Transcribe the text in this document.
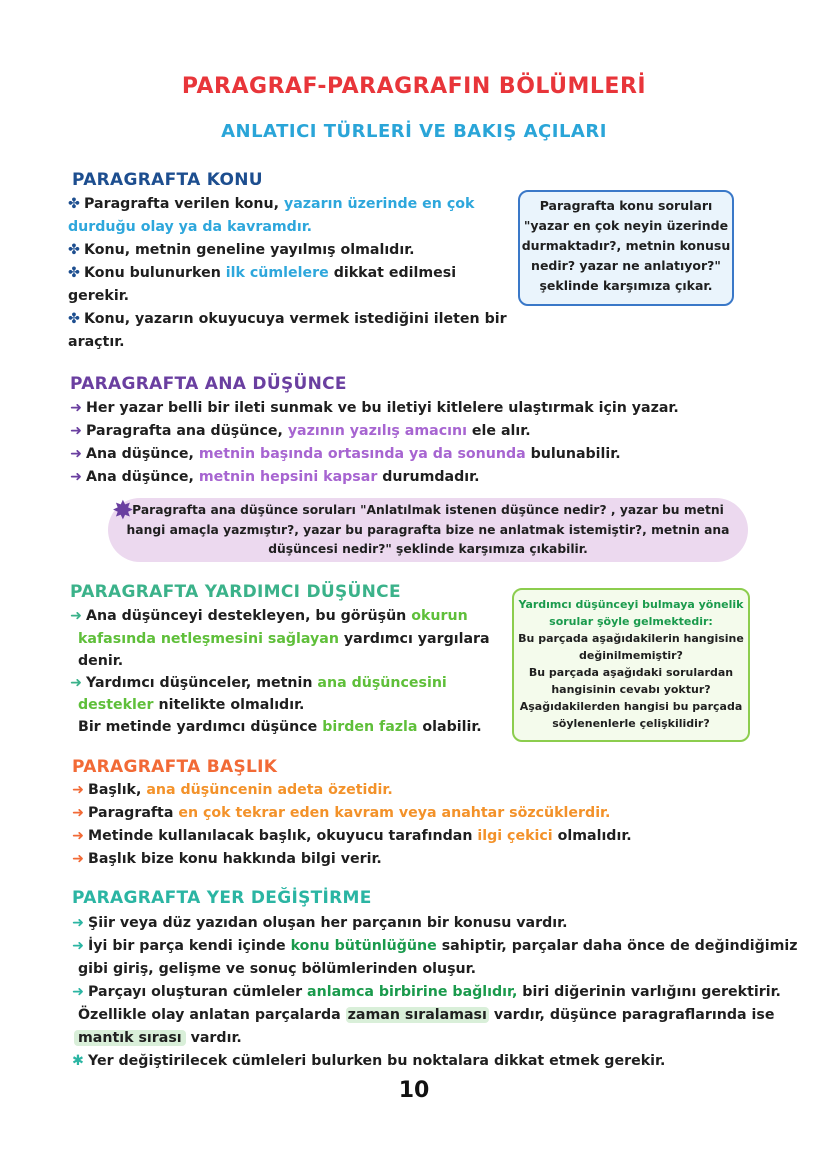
PARAGRAF-PARAGRAFIN BÖLÜMLERİ
ANLATICI TÜRLERİ VE BAKIŞ AÇILARI
PARAGRAFTA KONU
✤ Paragrafta verilen konu, yazarın üzerinde en çok
durduğu olay ya da kavramdır.
✤ Konu, metnin geneline yayılmış olmalıdır.
✤ Konu bulunurken ilk cümlelere dikkat edilmesi
gerekir.
✤ Konu, yazarın okuyucuya vermek istediğini ileten bir
araçtır.
Paragrafta konu soruları
"yazar en çok neyin üzerinde
durmaktadır?, metnin konusu
nedir? yazar ne anlatıyor?"
şeklinde karşımıza çıkar.
PARAGRAFTA ANA DÜŞÜNCE
➜ Her yazar belli bir ileti sunmak ve bu iletiyi kitlelere ulaştırmak için yazar.
➜ Paragrafta ana düşünce, yazının yazılış amacını ele alır.
➜ Ana düşünce, metnin başında ortasında ya da sonunda bulunabilir.
➜ Ana düşünce, metnin hepsini kapsar durumdadır.
✸
Paragrafta ana düşünce soruları "Anlatılmak istenen düşünce nedir? , yazar bu metni
hangi amaçla yazmıştır?, yazar bu paragrafta bize ne anlatmak istemiştir?, metnin ana
düşüncesi nedir?" şeklinde karşımıza çıkabilir.
PARAGRAFTA YARDIMCI DÜŞÜNCE
➜ Ana düşünceyi destekleyen, bu görüşün okurun
kafasında netleşmesini sağlayan yardımcı yargılara
denir.
➜ Yardımcı düşünceler, metnin ana düşüncesini
destekler nitelikte olmalıdır.
Bir metinde yardımcı düşünce birden fazla olabilir.
Yardımcı düşünceyi bulmaya yönelik
sorular şöyle gelmektedir:
Bu parçada aşağıdakilerin hangisine
değinilmemiştir?
Bu parçada aşağıdaki sorulardan
hangisinin cevabı yoktur?
Aşağıdakilerden hangisi bu parçada
söylenenlerle çelişkilidir?
PARAGRAFTA BAŞLIK
➜ Başlık, ana düşüncenin adeta özetidir.
➜ Paragrafta en çok tekrar eden kavram veya anahtar sözcüklerdir.
➜ Metinde kullanılacak başlık, okuyucu tarafından ilgi çekici olmalıdır.
➜ Başlık bize konu hakkında bilgi verir.
PARAGRAFTA YER DEĞİŞTİRME
➜ Şiir veya düz yazıdan oluşan her parçanın bir konusu vardır.
➜ İyi bir parça kendi içinde konu bütünlüğüne sahiptir, parçalar daha önce de değindiğimiz
gibi giriş, gelişme ve sonuç bölümlerinden oluşur.
➜ Parçayı oluşturan cümleler anlamca birbirine bağlıdır, biri diğerinin varlığını gerektirir.
Özellikle olay anlatan parçalarda zaman sıralaması vardır, düşünce paragraflarında ise
mantık sırası vardır.
✱ Yer değiştirilecek cümleleri bulurken bu noktalara dikkat etmek gerekir.
10
